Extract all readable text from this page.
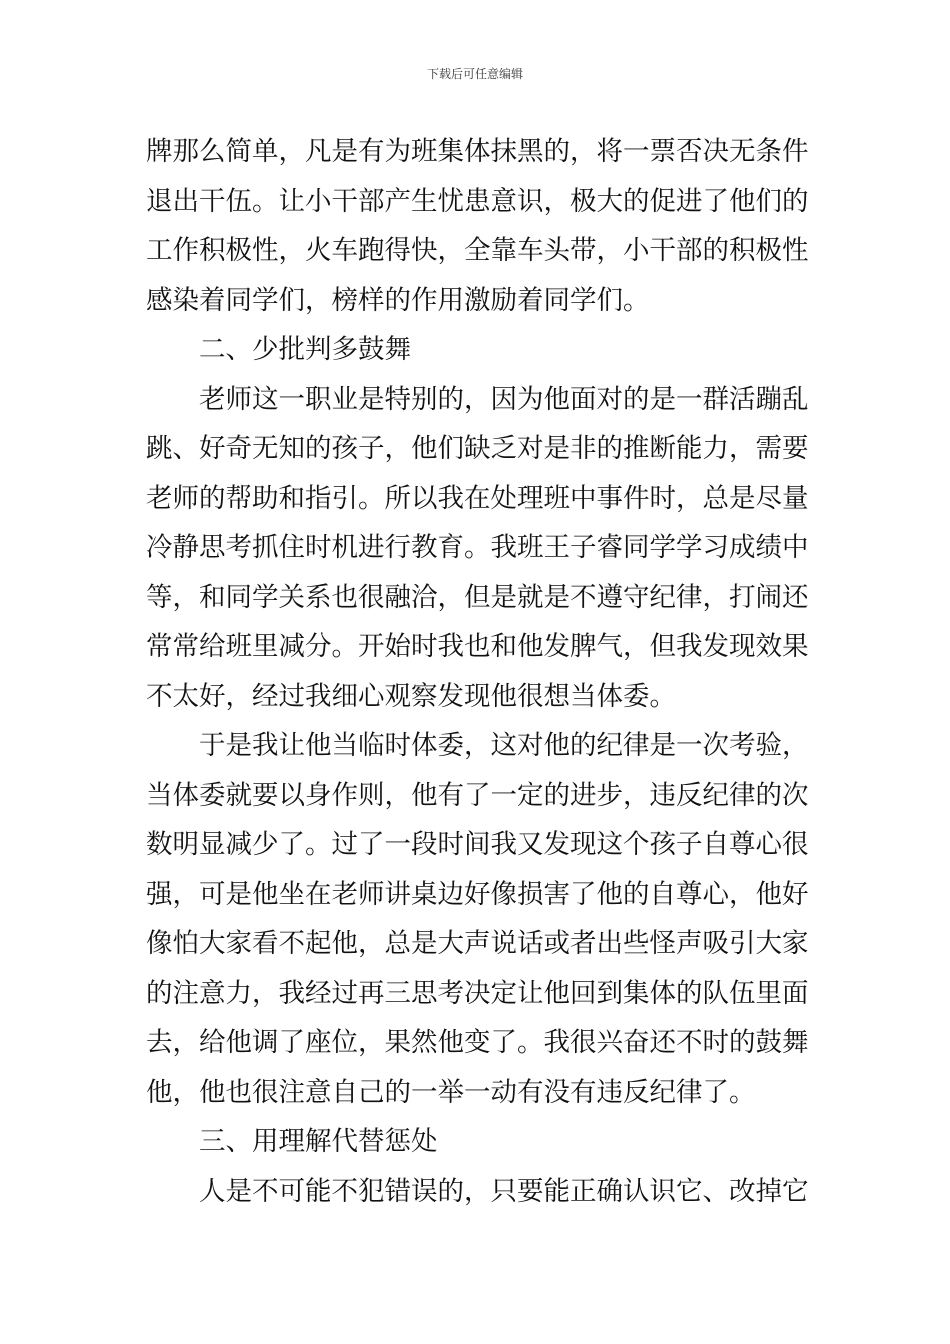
下载后可任意编辑
牌那么简单，凡是有为班集体抹黑的，将一票否决无条件
退出干伍。让小干部产生忧患意识，极大的促进了他们的
工作积极性，火车跑得快，全靠车头带，小干部的积极性
感染着同学们，榜样的作用激励着同学们。
二、少批判多鼓舞
老师这一职业是特别的，因为他面对的是一群活蹦乱
跳、好奇无知的孩子，他们缺乏对是非的推断能力，需要
老师的帮助和指引。所以我在处理班中事件时，总是尽量
冷静思考抓住时机进行教育。我班王子睿同学学习成绩中
等，和同学关系也很融洽，但是就是不遵守纪律，打闹还
常常给班里减分。开始时我也和他发脾气，但我发现效果
不太好，经过我细心观察发现他很想当体委。
于是我让他当临时体委，这对他的纪律是一次考验，
当体委就要以身作则，他有了一定的进步，违反纪律的次
数明显减少了。过了一段时间我又发现这个孩子自尊心很
强，可是他坐在老师讲桌边好像损害了他的自尊心，他好
像怕大家看不起他，总是大声说话或者出些怪声吸引大家
的注意力，我经过再三思考决定让他回到集体的队伍里面
去，给他调了座位，果然他变了。我很兴奋还不时的鼓舞
他，他也很注意自己的一举一动有没有违反纪律了。
三、用理解代替惩处
人是不可能不犯错误的，只要能正确认识它、改掉它
